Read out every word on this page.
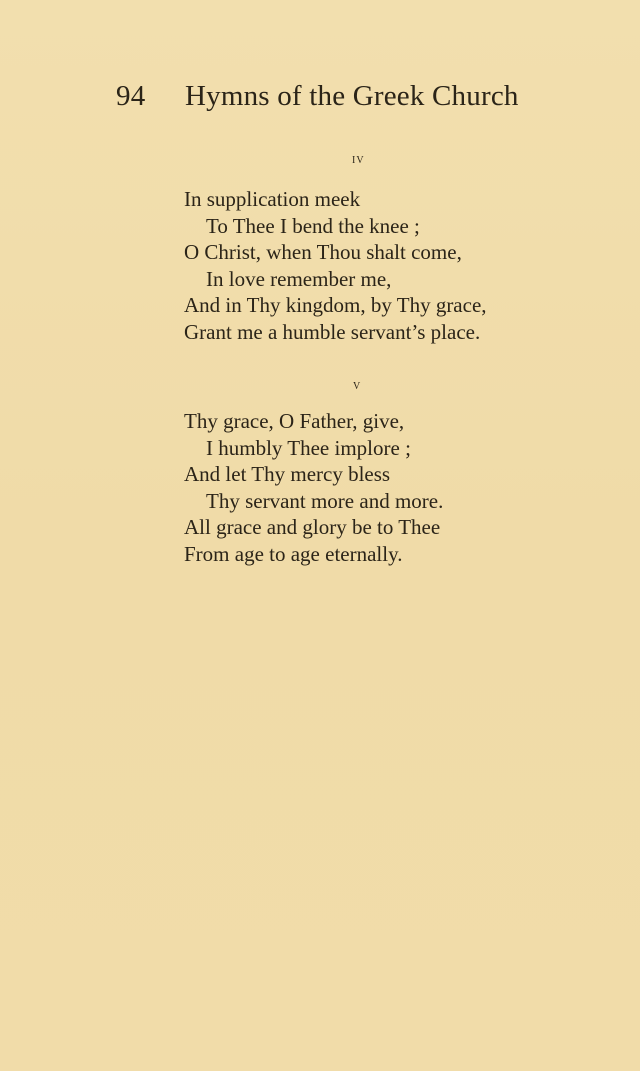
94 Hymns of the Greek Church
iv
In supplication meek
To Thee I bend the knee ;
O Christ, when Thou shalt come,
In love remember me,
And in Thy kingdom, by Thy grace,
Grant me a humble servant’s place.
v
Thy grace, O Father, give,
I humbly Thee implore ;
And let Thy mercy bless
Thy servant more and more.
All grace and glory be to Thee
From age to age eternally.
